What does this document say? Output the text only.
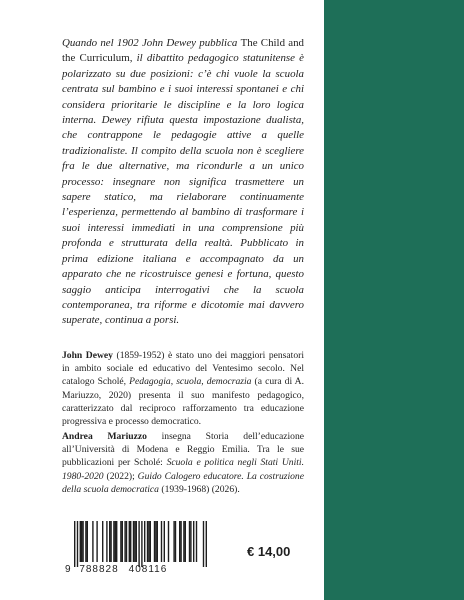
Quando nel 1902 John Dewey pubblica The Child and the Curriculum, il dibattito pedagogico statunitense è polarizzato su due posizioni: c’è chi vuole la scuola centrata sul bambino e i suoi interessi spontanei e chi considera prioritarie le discipline e la loro logica interna. Dewey rifiuta questa impostazione dualista, che contrappone le pedagogie attive a quelle tradizionaliste. Il compito della scuola non è scegliere fra le due alternative, ma ricondurle a un unico processo: insegnare non significa trasmettere un sapere statico, ma rielaborare continuamente l’esperienza, permettendo al bambino di trasformare i suoi interessi immediati in una comprensione più profonda e strutturata della realtà. Pubblicato in prima edizione italiana e accompagnato da un apparato che ne ricostruisce genesi e fortuna, questo saggio anticipa interrogativi che la scuola contemporanea, tra riforme e dicotomie mai davvero superate, continua a porsi.

John Dewey (1859-1952) è stato uno dei maggiori pensatori in ambito sociale ed educativo del Ventesimo secolo. Nel catalogo Scholé, Pedagogia, scuola, democrazia (a cura di A. Mariuzzo, 2020) presenta il suo manifesto pedagogico, caratterizzato dal reciproco rafforzamento tra educazione progressiva e processo democratico.

Andrea Mariuzzo insegna Storia dell’educazione all’Università di Modena e Reggio Emilia. Tra le sue pubblicazioni per Scholé: Scuola e politica negli Stati Uniti. 1980-2020 (2022); Guido Calogero educatore. La costruzione della scuola democratica (1939-1968) (2026).

9 788828 408116
€ 14,00
